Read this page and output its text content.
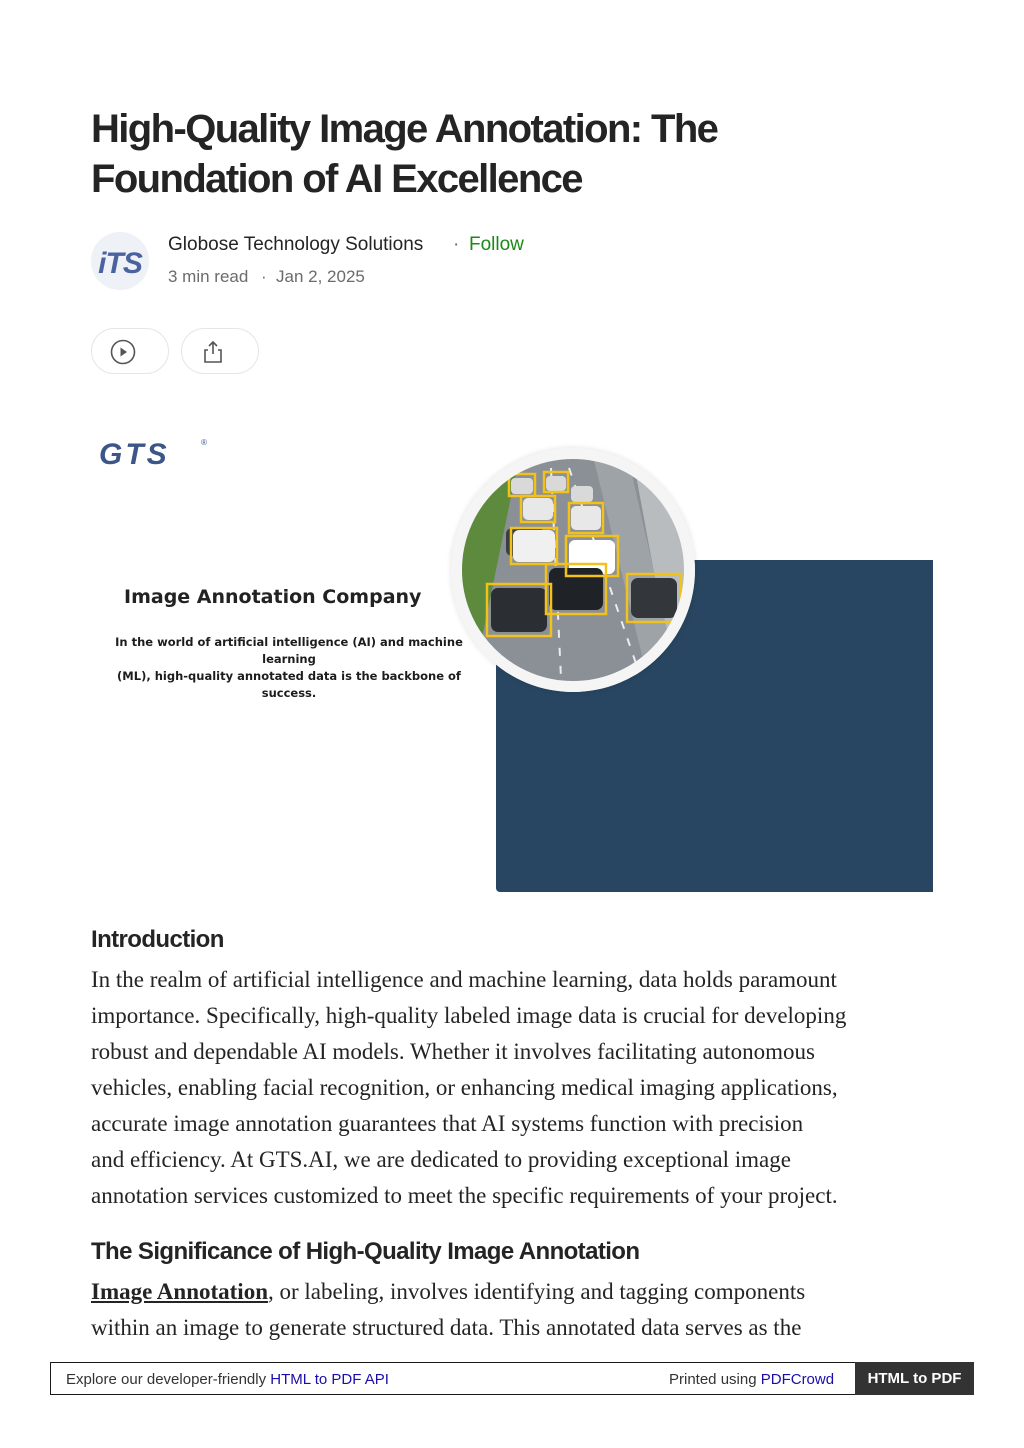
High-Quality Image Annotation: The Foundation of AI Excellence
iTS
Globose Technology Solutions · Follow
3 min read · Jan 2, 2025
GTS	®
Image Annotation Company
In the world of artificial intelligence (AI) and machine learning
(ML), high-quality annotated data is the backbone of success.
Introduction

In the realm of artificial intelligence and machine learning, data holds paramount
importance. Specifically, high-quality labeled image data is crucial for developing
robust and dependable AI models. Whether it involves facilitating autonomous
vehicles, enabling facial recognition, or enhancing medical imaging applications,
accurate image annotation guarantees that AI systems function with precision
and efficiency. At GTS.AI, we are dedicated to providing exceptional image
annotation services customized to meet the specific requirements of your project.

The Significance of High-Quality Image Annotation

Image Annotation, or labeling, involves identifying and tagging components
within an image to generate structured data. This annotated data serves as the

Explore our developer-friendly HTML to PDF API	Printed using PDFCrowd	HTML to PDF
